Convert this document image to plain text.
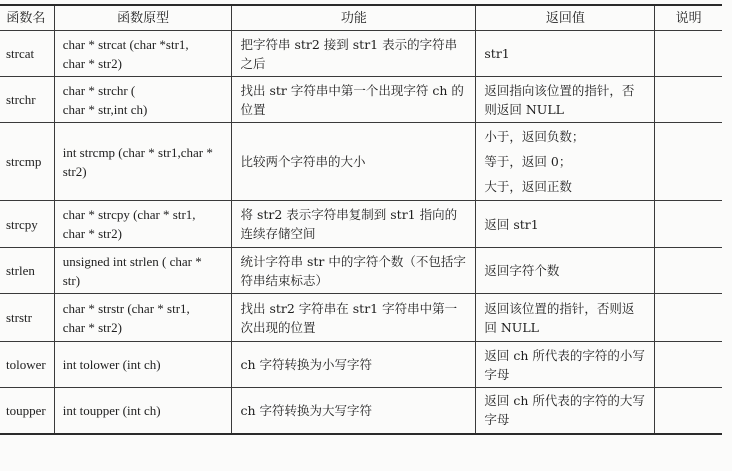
函数名	函数原型	功能	返回值	说明
strcat	char * strcat (char *str1,
char * str2)	把字符串 str2 接到 str1 表示的字符串之后	str1	

strchr	char * strchr (
char * str,int ch)	找出 str 字符串中第一个出现字符 ch 的位置	返回指向该位置的指针，否则返回 NULL	

strcmp	int strcmp (char * str1,char *
str2)	比较两个字符串的大小	小于，返回负数；
等于，返回 0；
大于，返回正数	

strcpy	char * strcpy (char * str1,
char * str2)	将 str2 表示字符串复制到 str1 指向的连续存储空间	返回 str1	

strlen	unsigned int strlen ( char *
str)	统计字符串 str 中的字符个数（不包括字符串结束标志）	返回字符个数	

strstr	char * strstr (char * str1,
char * str2)	找出 str2 字符串在 str1 字符串中第一次出现的位置	返回该位置的指针，否则返回 NULL	

tolower	int tolower (int ch)	ch 字符转换为小写字符	返回 ch 所代表的字符的小写字母	

toupper	int toupper (int ch)	ch 字符转换为大写字符	返回 ch 所代表的字符的大写字母	
